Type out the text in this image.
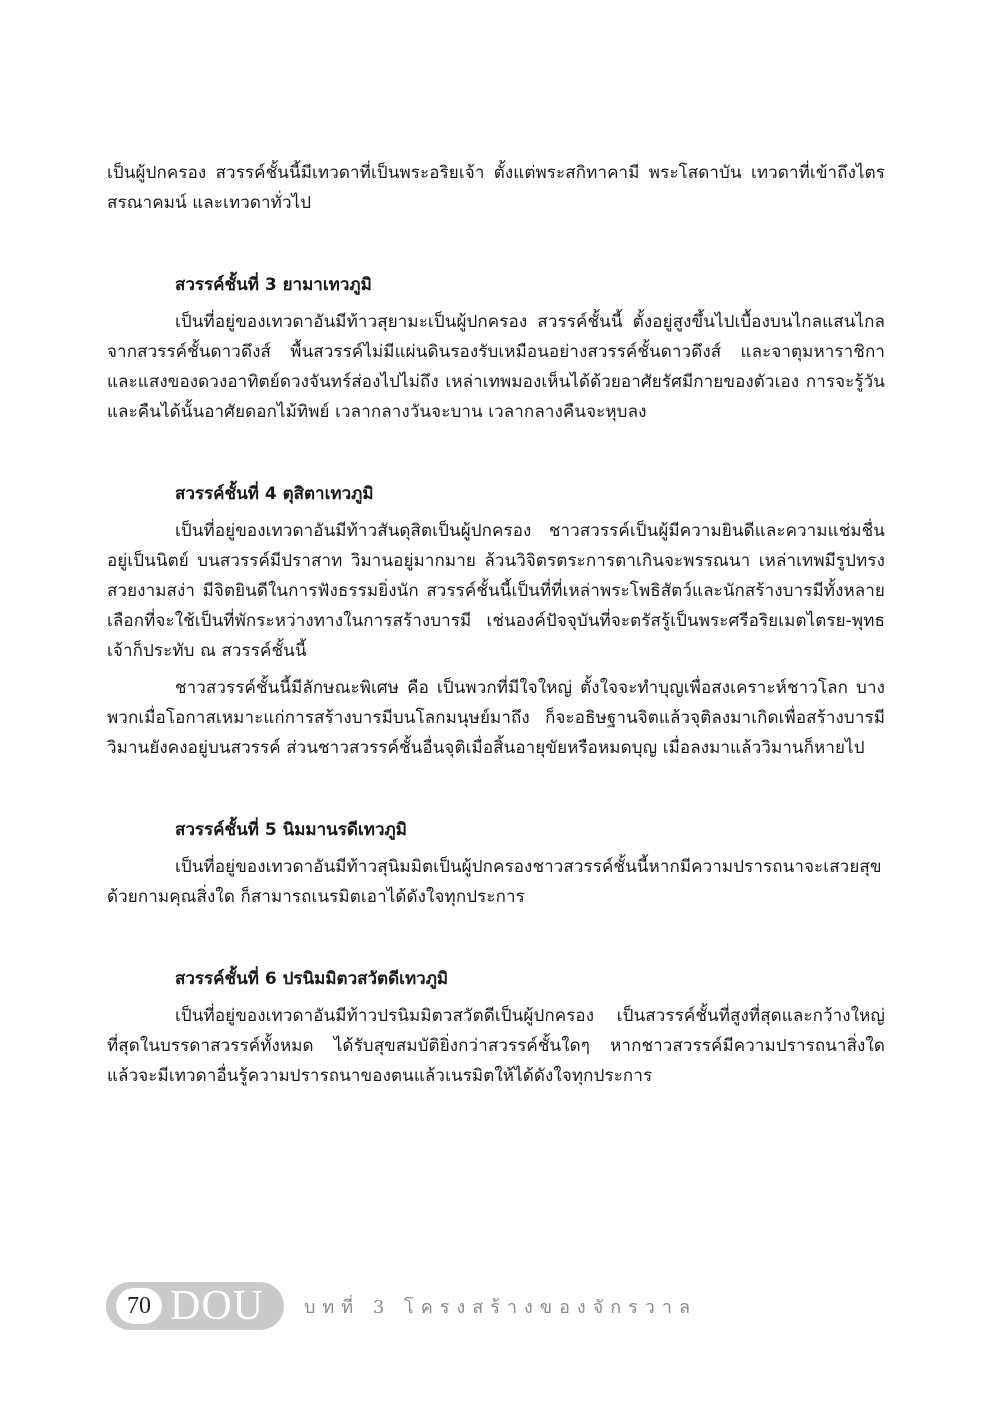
เป็นผู้ปกครอง สวรรค์ชั้นนี้มีเทวดาที่เป็นพระอริยเจ้า ตั้งแต่พระสกิทาคามี พระโสดาบัน เทวดาที่เข้าถึงไตรสรณาคมน์ และเทวดาทั่วไป

สวรรค์ชั้นที่ 3 ยามาเทวภูมิ

เป็นที่อยู่ของเทวดาอันมีท้าวสุยามะเป็นผู้ปกครอง สวรรค์ชั้นนี้ ตั้งอยู่สูงขึ้นไปเบื้องบนไกลแสนไกลจากสวรรค์ชั้นดาวดึงส์ พื้นสวรรค์ไม่มีแผ่นดินรองรับเหมือนอย่างสวรรค์ชั้นดาวดึงส์ และจาตุมหาราชิกา และแสงของดวงอาทิตย์ดวงจันทร์ส่องไปไม่ถึง เหล่าเทพมองเห็นได้ด้วยอาศัยรัศมีกายของตัวเอง การจะรู้วันและคืนได้นั้นอาศัยดอกไม้ทิพย์ เวลากลางวันจะบาน เวลากลางคืนจะหุบลง

สวรรค์ชั้นที่ 4 ตุสิตาเทวภูมิ

เป็นที่อยู่ของเทวดาอันมีท้าวสันดุสิตเป็นผู้ปกครอง ชาวสวรรค์เป็นผู้มีความยินดีและความแช่มชื่นอยู่เป็นนิตย์ บนสวรรค์มีปราสาท วิมานอยู่มากมาย ล้วนวิจิตรตระการตาเกินจะพรรณนา เหล่าเทพมีรูปทรงสวยงามสง่า มีจิตยินดีในการฟังธรรมยิ่งนัก สวรรค์ชั้นนี้เป็นที่ที่เหล่าพระโพธิสัตว์และนักสร้างบารมีทั้งหลายเลือกที่จะใช้เป็นที่พักระหว่างทางในการสร้างบารมี เช่นองค์ปัจจุบันที่จะตรัสรู้เป็นพระศรีอริยเมตไตรย-พุทธเจ้าก็ประทับ ณ สวรรค์ชั้นนี้

ชาวสวรรค์ชั้นนี้มีลักษณะพิเศษ คือ เป็นพวกที่มีใจใหญ่ ตั้งใจจะทำบุญเพื่อสงเคราะห์ชาวโลก บางพวกเมื่อโอกาสเหมาะแก่การสร้างบารมีบนโลกมนุษย์มาถึง ก็จะอธิษฐานจิตแล้วจุติลงมาเกิดเพื่อสร้างบารมี วิมานยังคงอยู่บนสวรรค์ ส่วนชาวสวรรค์ชั้นอื่นจุติเมื่อสิ้นอายุขัยหรือหมดบุญ เมื่อลงมาแล้ววิมานก็หายไป

สวรรค์ชั้นที่ 5 นิมมานรดีเทวภูมิ

เป็นที่อยู่ของเทวดาอันมีท้าวสุนิมมิตเป็นผู้ปกครองชาวสวรรค์ชั้นนี้หากมีความปรารถนาจะเสวยสุขด้วยกามคุณสิ่งใด ก็สามารถเนรมิตเอาได้ดังใจทุกประการ

สวรรค์ชั้นที่ 6 ปรนิมมิตวสวัตดีเทวภูมิ

เป็นที่อยู่ของเทวดาอันมีท้าวปรนิมมิตวสวัตดีเป็นผู้ปกครอง เป็นสวรรค์ชั้นที่สูงที่สุดและกว้างใหญ่ที่สุดในบรรดาสวรรค์ทั้งหมด ได้รับสุขสมบัติยิ่งกว่าสวรรค์ชั้นใดๆ หากชาวสวรรค์มีความปรารถนาสิ่งใดแล้วจะมีเทวดาอื่นรู้ความปรารถนาของตนแล้วเนรมิตให้ได้ดังใจทุกประการ

70 DOU บทที่ 3 โครงสร้างของจักรวาล
